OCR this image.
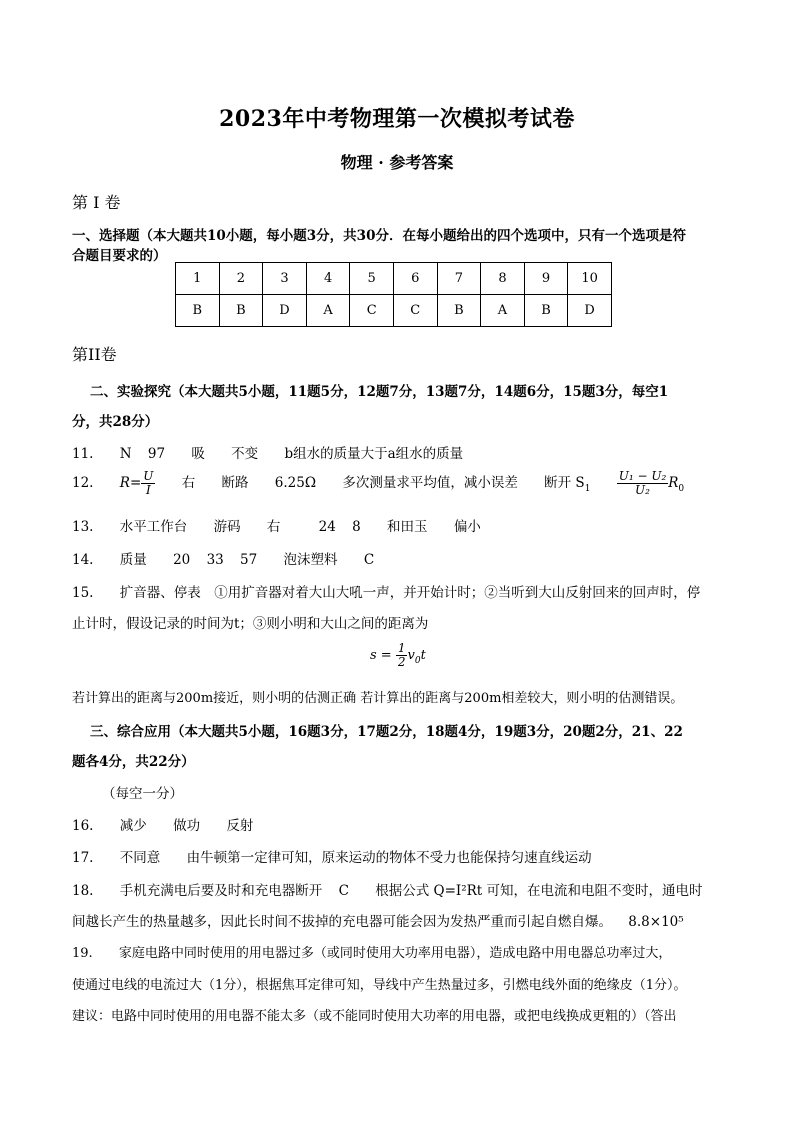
2023年中考物理第一次模拟考试卷
物理 · 参考答案
第 I 卷
一、选择题（本大题共10小题，每小题3分，共30分．在每小题给出的四个选项中，只有一个选项是符
合题目要求的）
1	2	3	4	5	6	7	8	9	10
B	B	D	A	C	C	B	A	B	D
第II卷
二、实验探究（本大题共5小题，11题5分，12题7分，13题7分，14题6分，15题3分，每空1
分，共28分）
11. N 97 吸 不变 b组水的质量大于a组水的质量
12. $R= \frac{U}{I}$ 右 断路 6.25Ω 多次测量求平均值，减小误差 断开 $S_1 \frac{\text{U₁ − U₂}}{\text{U₂}} R_0$
13. 水平工作台 游码 右	24 8 和田玉 偏小
14. 质量 20 33 57 泡沫塑料 C
15. 扩音器、停表　①用扩音器对着大山大吼一声，并开始计时；②当听到大山反射回来的回声时，停
止计时，假设记录的时间为t；③则小明和大山之间的距离为
$s = \frac{1}{2} v_0t$
若计算出的距离与200m接近，则小明的估测正确 若计算出的距离与200m相差较大，则小明的估测错误。
三、综合应用（本大题共5小题，16题3分，17题2分，18题4分，19题3分，20题2分，21、22
题各4分，共22分）
（每空一分）
16. 减少 做功 反射
17. 不同意 由牛顿第一定律可知，原来运动的物体不受力也能保持匀速直线运动
18. 手机充满电后要及时和充电器断开 C 根据公式 Q=I²Rt 可知，在电流和电阻不变时，通电时
间越长产生的热量越多，因此长时间不拔掉的充电器可能会因为发热严重而引起自燃自爆。 8.8×10⁵
19. 家庭电路中同时使用的用电器过多（或同时使用大功率用电器），造成电路中用电器总功率过大，
使通过电线的电流过大（1分），根据焦耳定律可知，导线中产生热量过多，引燃电线外面的绝缘皮（1分）。
建议：电路中同时使用的用电器不能太多（或不能同时使用大功率的用电器，或把电线换成更粗的）（答出
